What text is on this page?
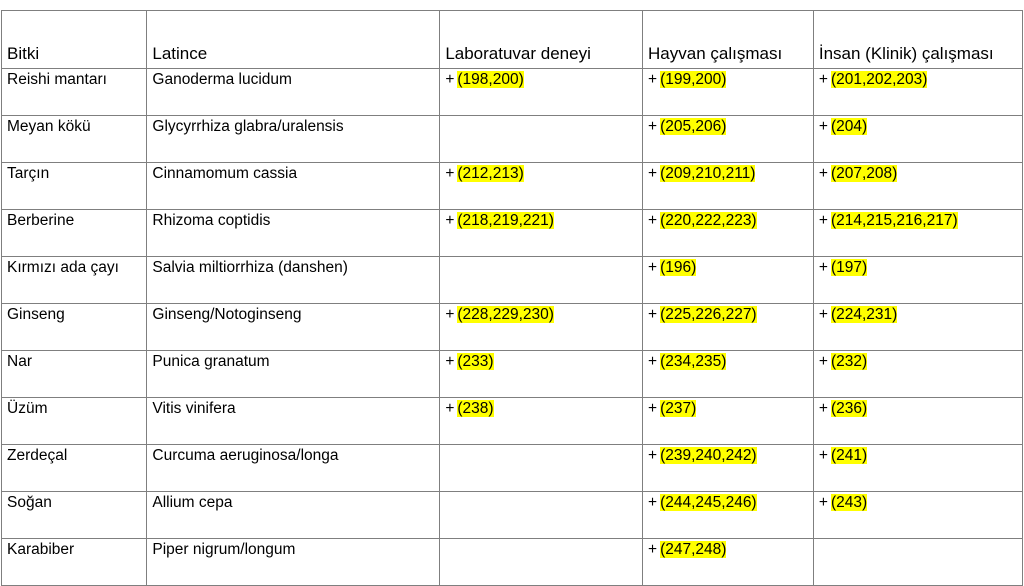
Bitki	Latince	Laboratuvar deneyi	Hayvan çalışması	İnsan (Klinik) çalışması
Reishi mantarı	Ganoderma lucidum	+ (198,200)	+ (199,200)	+ (201,202,203)
Meyan kökü	Glycyrrhiza glabra/uralensis		+ (205,206)	+ (204)
Tarçın	Cinnamomum cassia	+ (212,213)	+ (209,210,211)	+ (207,208)
Berberine	Rhizoma coptidis	+ (218,219,221)	+ (220,222,223)	+ (214,215,216,217)
Kırmızı ada çayı	Salvia miltiorrhiza (danshen)		+ (196)	+ (197)
Ginseng	Ginseng/Notoginseng	+ (228,229,230)	+ (225,226,227)	+ (224,231)
Nar	Punica granatum	+ (233)	+ (234,235)	+ (232)
Üzüm	Vitis vinifera	+ (238)	+ (237)	+ (236)
Zerdeçal	Curcuma aeruginosa/longa		+ (239,240,242)	+ (241)
Soğan	Allium cepa		+ (244,245,246)	+ (243)
Karabiber	Piper nigrum/longum		+ (247,248)	
